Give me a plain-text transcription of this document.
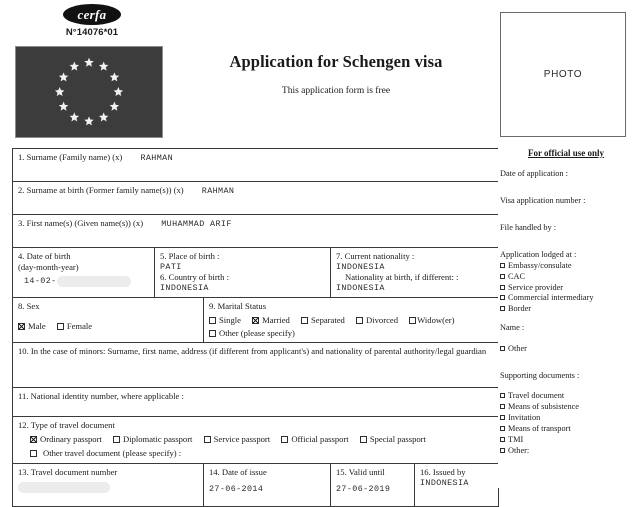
cerfa
N°14076*01
Application for Schengen visa
This application form is free
PHOTO
1. Surname (Family name) (x) RAHMAN				
2. Surname at birth (Former family name(s)) (x) RAHMAN				
3. First name(s) (Given name(s)) (x) MUHAMMAD ARIF				

4. Date of birth
(day-month-year)
14-02-

5. Place of birth :
PATI
6. Country of birth :
INDONESIA

7. Current nationality :
INDONESIA
Nationality at birth, if different: :
INDONESIA

8. Sex
Male Female

9. Marital Status
Single Married Separated Divorced Widow(er)
Other (please specify)

10. In the case of minors: Surname, first name, address (if different from applicant's) and nationality of parental authority/legal guardian				
11. National identity number, where applicable :				

12. Type of travel document
Ordinary passport Diplomatic passport Service passport Official passport Special passport
Other travel document (please specify) :				

13. Travel document number	14. Date of issue
27-06-2014

15. Valid until
27-06-2019

16. Issued by
INDONESIA
For official use only
Date of application :
Visa application number :
File handled by :
Application lodged at :
Embassy/consulate
CAC
Service provider
Commercial intermediary
Border
Name :
Other
Supporting documents :
Travel document
Means of subsistence
Invitation
Means of transport
TMI
Other:
